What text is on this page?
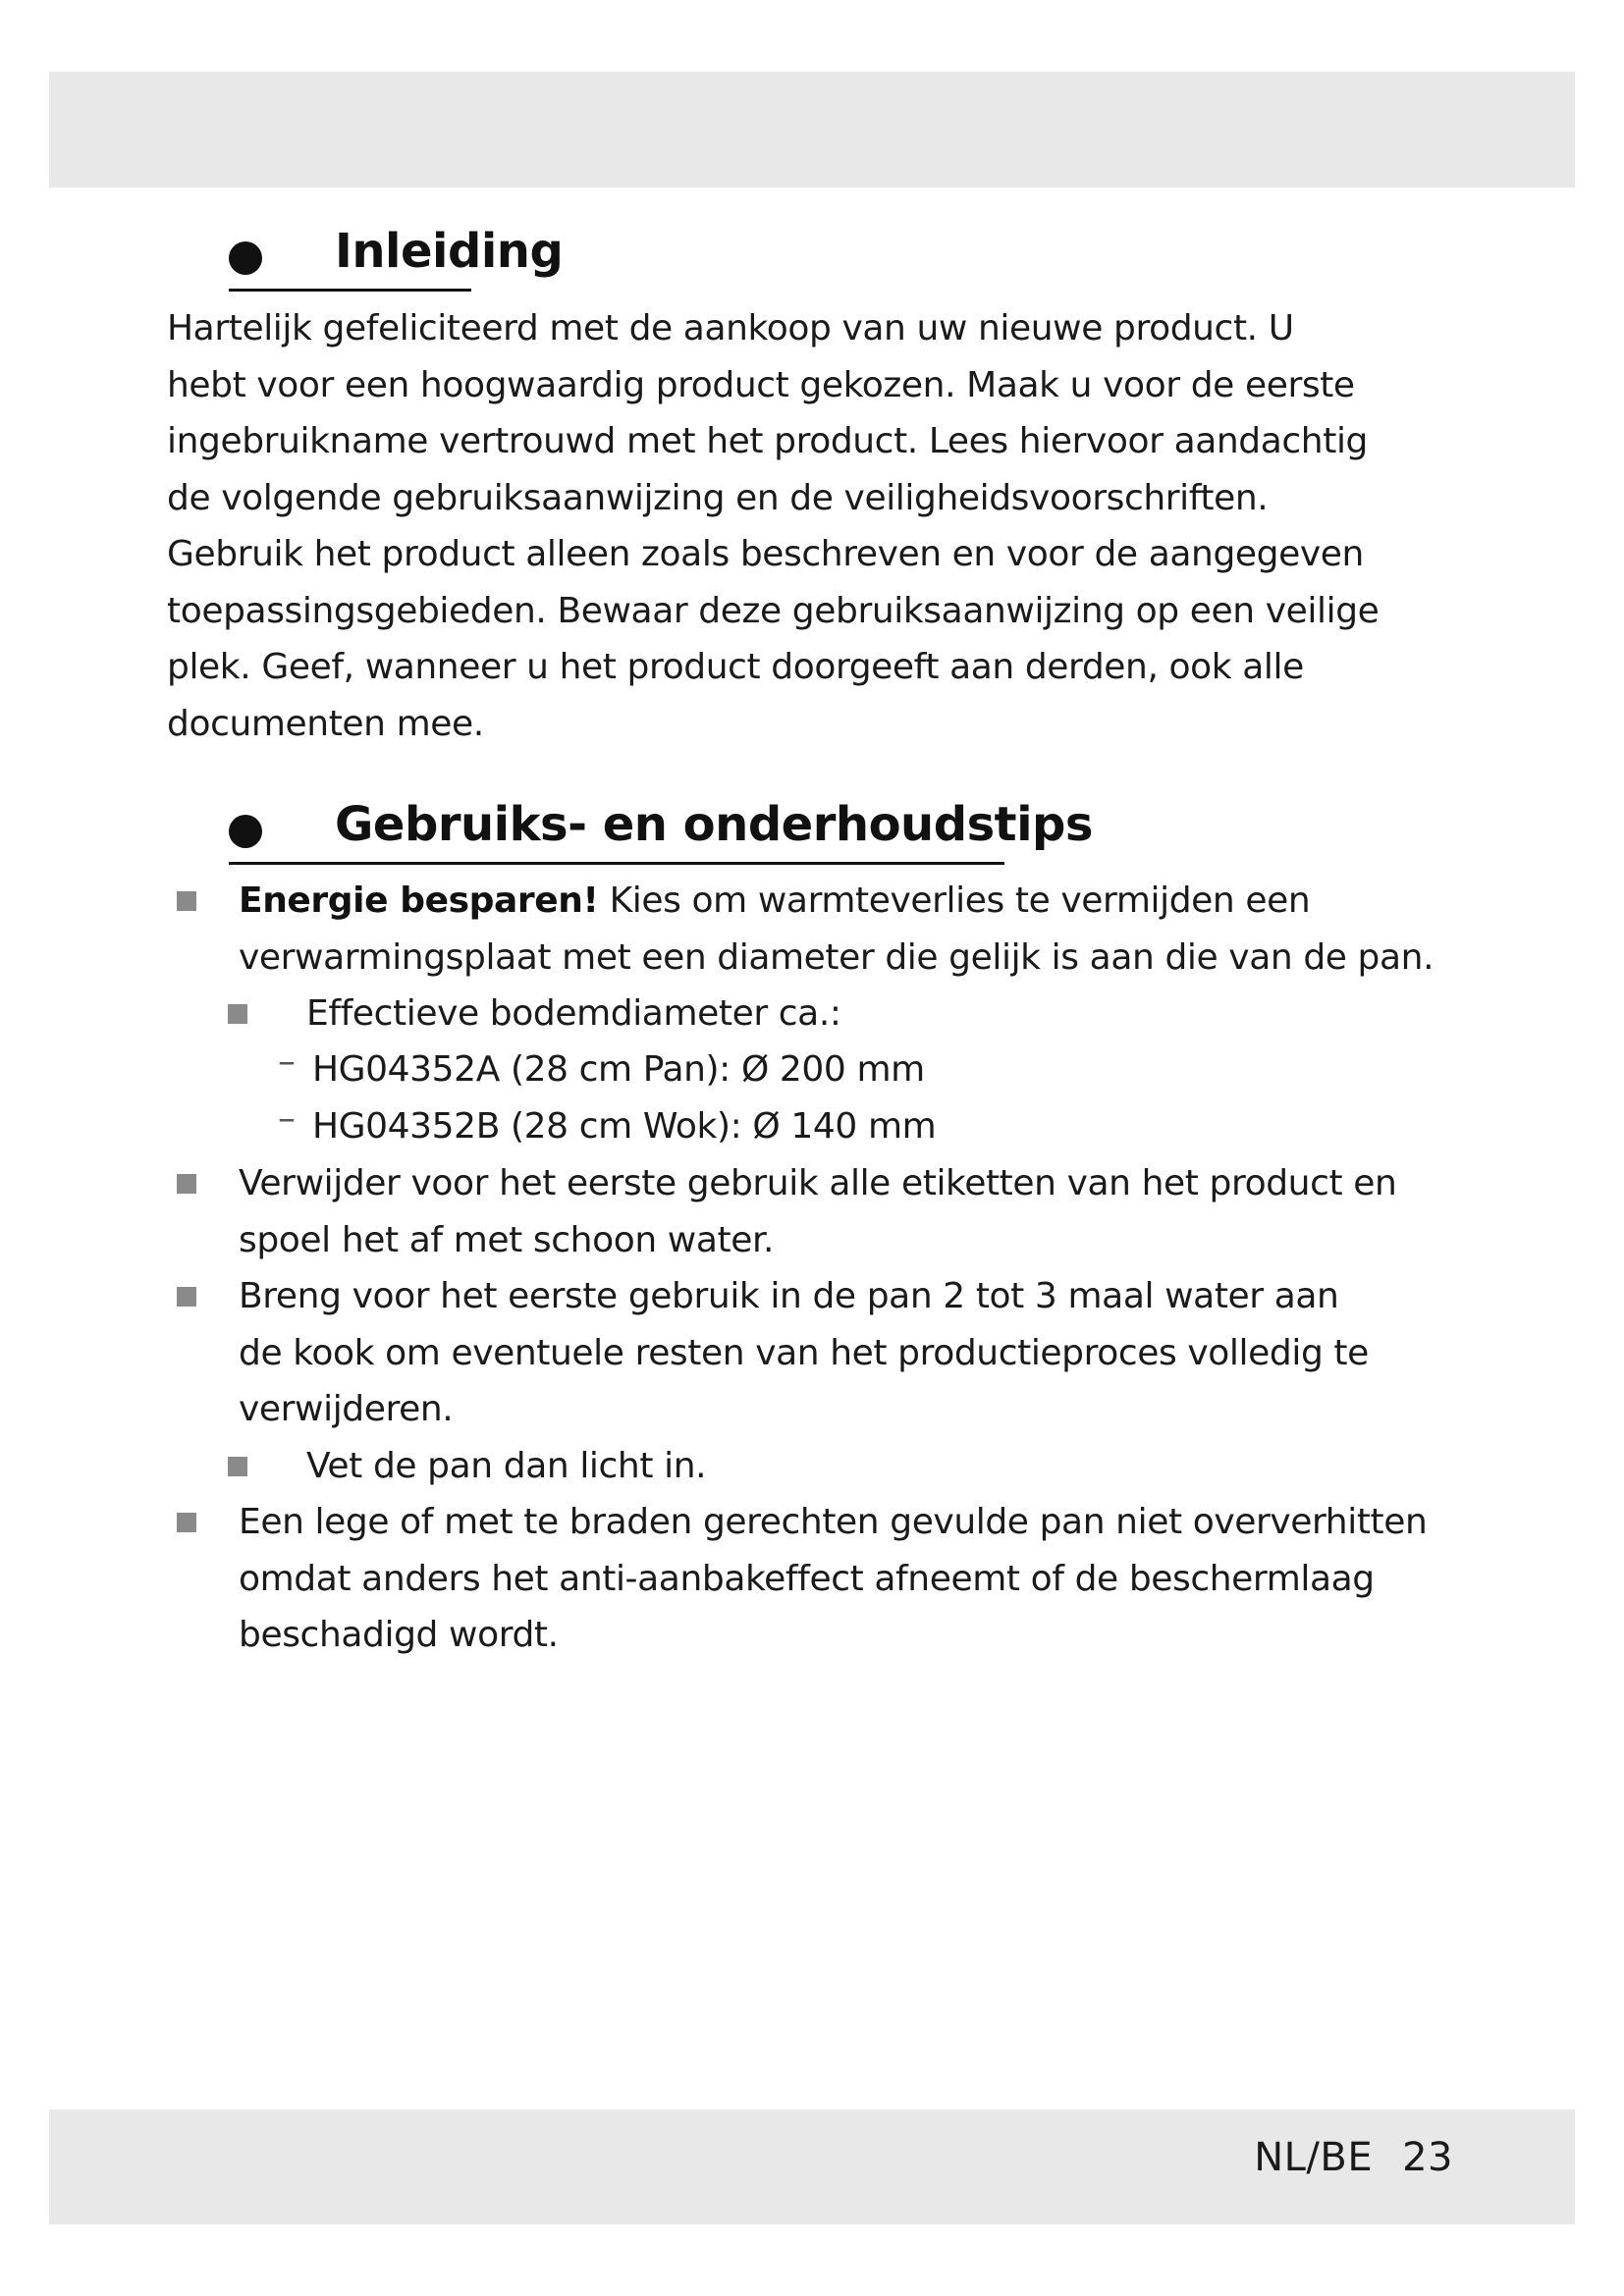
Inleiding
Hartelijk gefeliciteerd met de aankoop van uw nieuwe product. U
hebt voor een hoogwaardig product gekozen. Maak u voor de eerste
ingebruikname vertrouwd met het product. Lees hiervoor aandachtig
de volgende gebruiksaanwijzing en de veiligheidsvoorschriften.
Gebruik het product alleen zoals beschreven en voor de aangegeven
toepassingsgebieden. Bewaar deze gebruiksaanwijzing op een veilige
plek. Geef, wanneer u het product doorgeeft aan derden, ook alle
documenten mee.
Gebruiks- en onderhoudstips
Energie besparen! Kies om warmteverlies te vermijden een
verwarmingsplaat met een diameter die gelijk is aan die van de pan.
Effectieve bodemdiameter ca.:
– HG04352A (28 cm Pan): Ø 200 mm
– HG04352B (28 cm Wok): Ø 140 mm
Verwijder voor het eerste gebruik alle etiketten van het product en
spoel het af met schoon water.
Breng voor het eerste gebruik in de pan 2 tot 3 maal water aan
de kook om eventuele resten van het productieproces volledig te
verwijderen.
Vet de pan dan licht in.
Een lege of met te braden gerechten gevulde pan niet oververhitten
omdat anders het anti-aanbakeffect afneemt of de beschermlaag
beschadigd wordt.
NL/BE 23
